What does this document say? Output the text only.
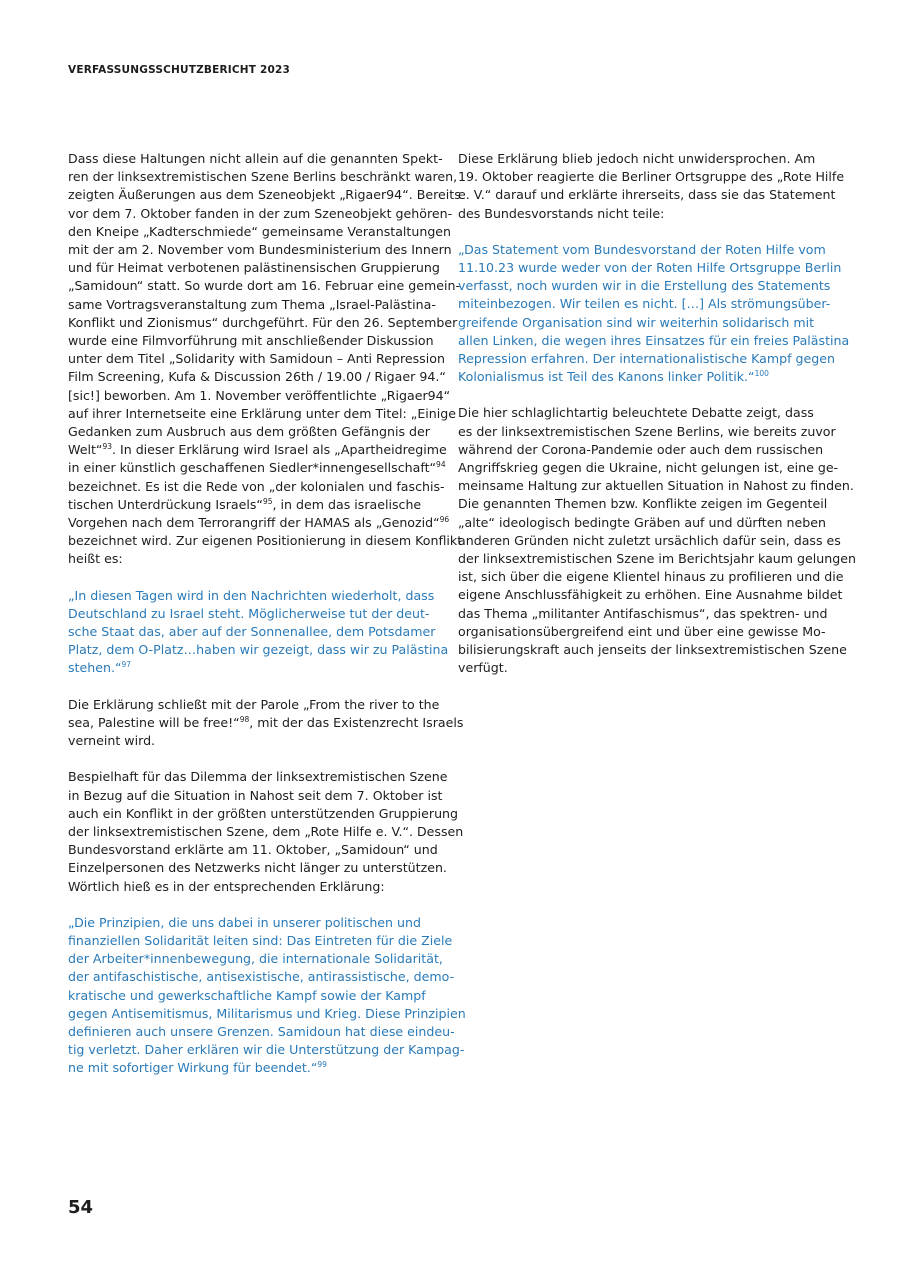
VERFASSUNGSSCHUTZBERICHT 2023

Dass diese Haltungen nicht allein auf die genannten Spekt-
ren der linksextremistischen Szene Berlins beschränkt waren,
zeigten Äußerungen aus dem Szeneobjekt „Rigaer94“. Bereits
vor dem 7. Oktober fanden in der zum Szeneobjekt gehören-
den Kneipe „Kadterschmiede“ gemeinsame Veranstaltungen
mit der am 2. November vom Bundesministerium des Innern
und für Heimat verbotenen palästinensischen Gruppierung
„Samidoun“ statt. So wurde dort am 16. Februar eine gemein-
same Vortragsveranstaltung zum Thema „Israel-Palästina-
Konflikt und Zionismus“ durchgeführt. Für den 26. September
wurde eine Filmvorführung mit anschließender Diskussion
unter dem Titel „Solidarity with Samidoun – Anti Repression
Film Screening, Kufa & Discussion 26th / 19.00 / Rigaer 94.“
[sic!] beworben. Am 1. November veröffentlichte „Rigaer94“
auf ihrer Internetseite eine Erklärung unter dem Titel: „Einige
Gedanken zum Ausbruch aus dem größten Gefängnis der
Welt“$^{93}$. In dieser Erklärung wird Israel als „Apartheidregime
in einer künstlich geschaffenen Siedler*innengesellschaft“$^{94}$
bezeichnet. Es ist die Rede von „der kolonialen und faschis-
tischen Unterdrückung Israels“$^{95}$, in dem das israelische
Vorgehen nach dem Terrorangriff der HAMAS als „Genozid“$^{96}$
bezeichnet wird. Zur eigenen Positionierung in diesem Konflikt
heißt es:

„In diesen Tagen wird in den Nachrichten wiederholt, dass
Deutschland zu Israel steht. Möglicherweise tut der deut-
sche Staat das, aber auf der Sonnenallee, dem Potsdamer
Platz, dem O-Platz…haben wir gezeigt, dass wir zu Palästina
stehen.“$^{97}$

Die Erklärung schließt mit der Parole „From the river to the
sea, Palestine will be free!“$^{98}$, mit der das Existenzrecht Israels
verneint wird.

Bespielhaft für das Dilemma der linksextremistischen Szene
in Bezug auf die Situation in Nahost seit dem 7. Oktober ist
auch ein Konflikt in der größten unterstützenden Gruppierung
der linksextremistischen Szene, dem „Rote Hilfe e. V.“. Dessen
Bundesvorstand erklärte am 11. Oktober, „Samidoun“ und
Einzelpersonen des Netzwerks nicht länger zu unterstützen.
Wörtlich hieß es in der entsprechenden Erklärung:

„Die Prinzipien, die uns dabei in unserer politischen und
finanziellen Solidarität leiten sind: Das Eintreten für die Ziele
der Arbeiter*innenbewegung, die internationale Solidarität,
der antifaschistische, antisexistische, antirassistische, demo-
kratische und gewerkschaftliche Kampf sowie der Kampf
gegen Antisemitismus, Militarismus und Krieg. Diese Prinzipien
definieren auch unsere Grenzen. Samidoun hat diese eindeu-
tig verletzt. Daher erklären wir die Unterstützung der Kampag-
ne mit sofortiger Wirkung für beendet.“$^{99}$

Diese Erklärung blieb jedoch nicht unwidersprochen. Am
19. Oktober reagierte die Berliner Ortsgruppe des „Rote Hilfe
e. V.“ darauf und erklärte ihrerseits, dass sie das Statement
des Bundesvorstands nicht teile:

„Das Statement vom Bundesvorstand der Roten Hilfe vom
11.10.23 wurde weder von der Roten Hilfe Ortsgruppe Berlin
verfasst, noch wurden wir in die Erstellung des Statements
miteinbezogen. Wir teilen es nicht. […] Als strömungsüber-
greifende Organisation sind wir weiterhin solidarisch mit
allen Linken, die wegen ihres Einsatzes für ein freies Palästina
Repression erfahren. Der internationalistische Kampf gegen
Kolonialismus ist Teil des Kanons linker Politik.“$^{100}$

Die hier schlaglichtartig beleuchtete Debatte zeigt, dass
es der linksextremistischen Szene Berlins, wie bereits zuvor
während der Corona-Pandemie oder auch dem russischen
Angriffskrieg gegen die Ukraine, nicht gelungen ist, eine ge-
meinsame Haltung zur aktuellen Situation in Nahost zu finden.
Die genannten Themen bzw. Konflikte zeigen im Gegenteil
„alte“ ideologisch bedingte Gräben auf und dürften neben
anderen Gründen nicht zuletzt ursächlich dafür sein, dass es
der linksextremistischen Szene im Berichtsjahr kaum gelungen
ist, sich über die eigene Klientel hinaus zu profilieren und die
eigene Anschlussfähigkeit zu erhöhen. Eine Ausnahme bildet
das Thema „militanter Antifaschismus“, das spektren- und
organisationsübergreifend eint und über eine gewisse Mo-
bilisierungskraft auch jenseits der linksextremistischen Szene
verfügt.

54
